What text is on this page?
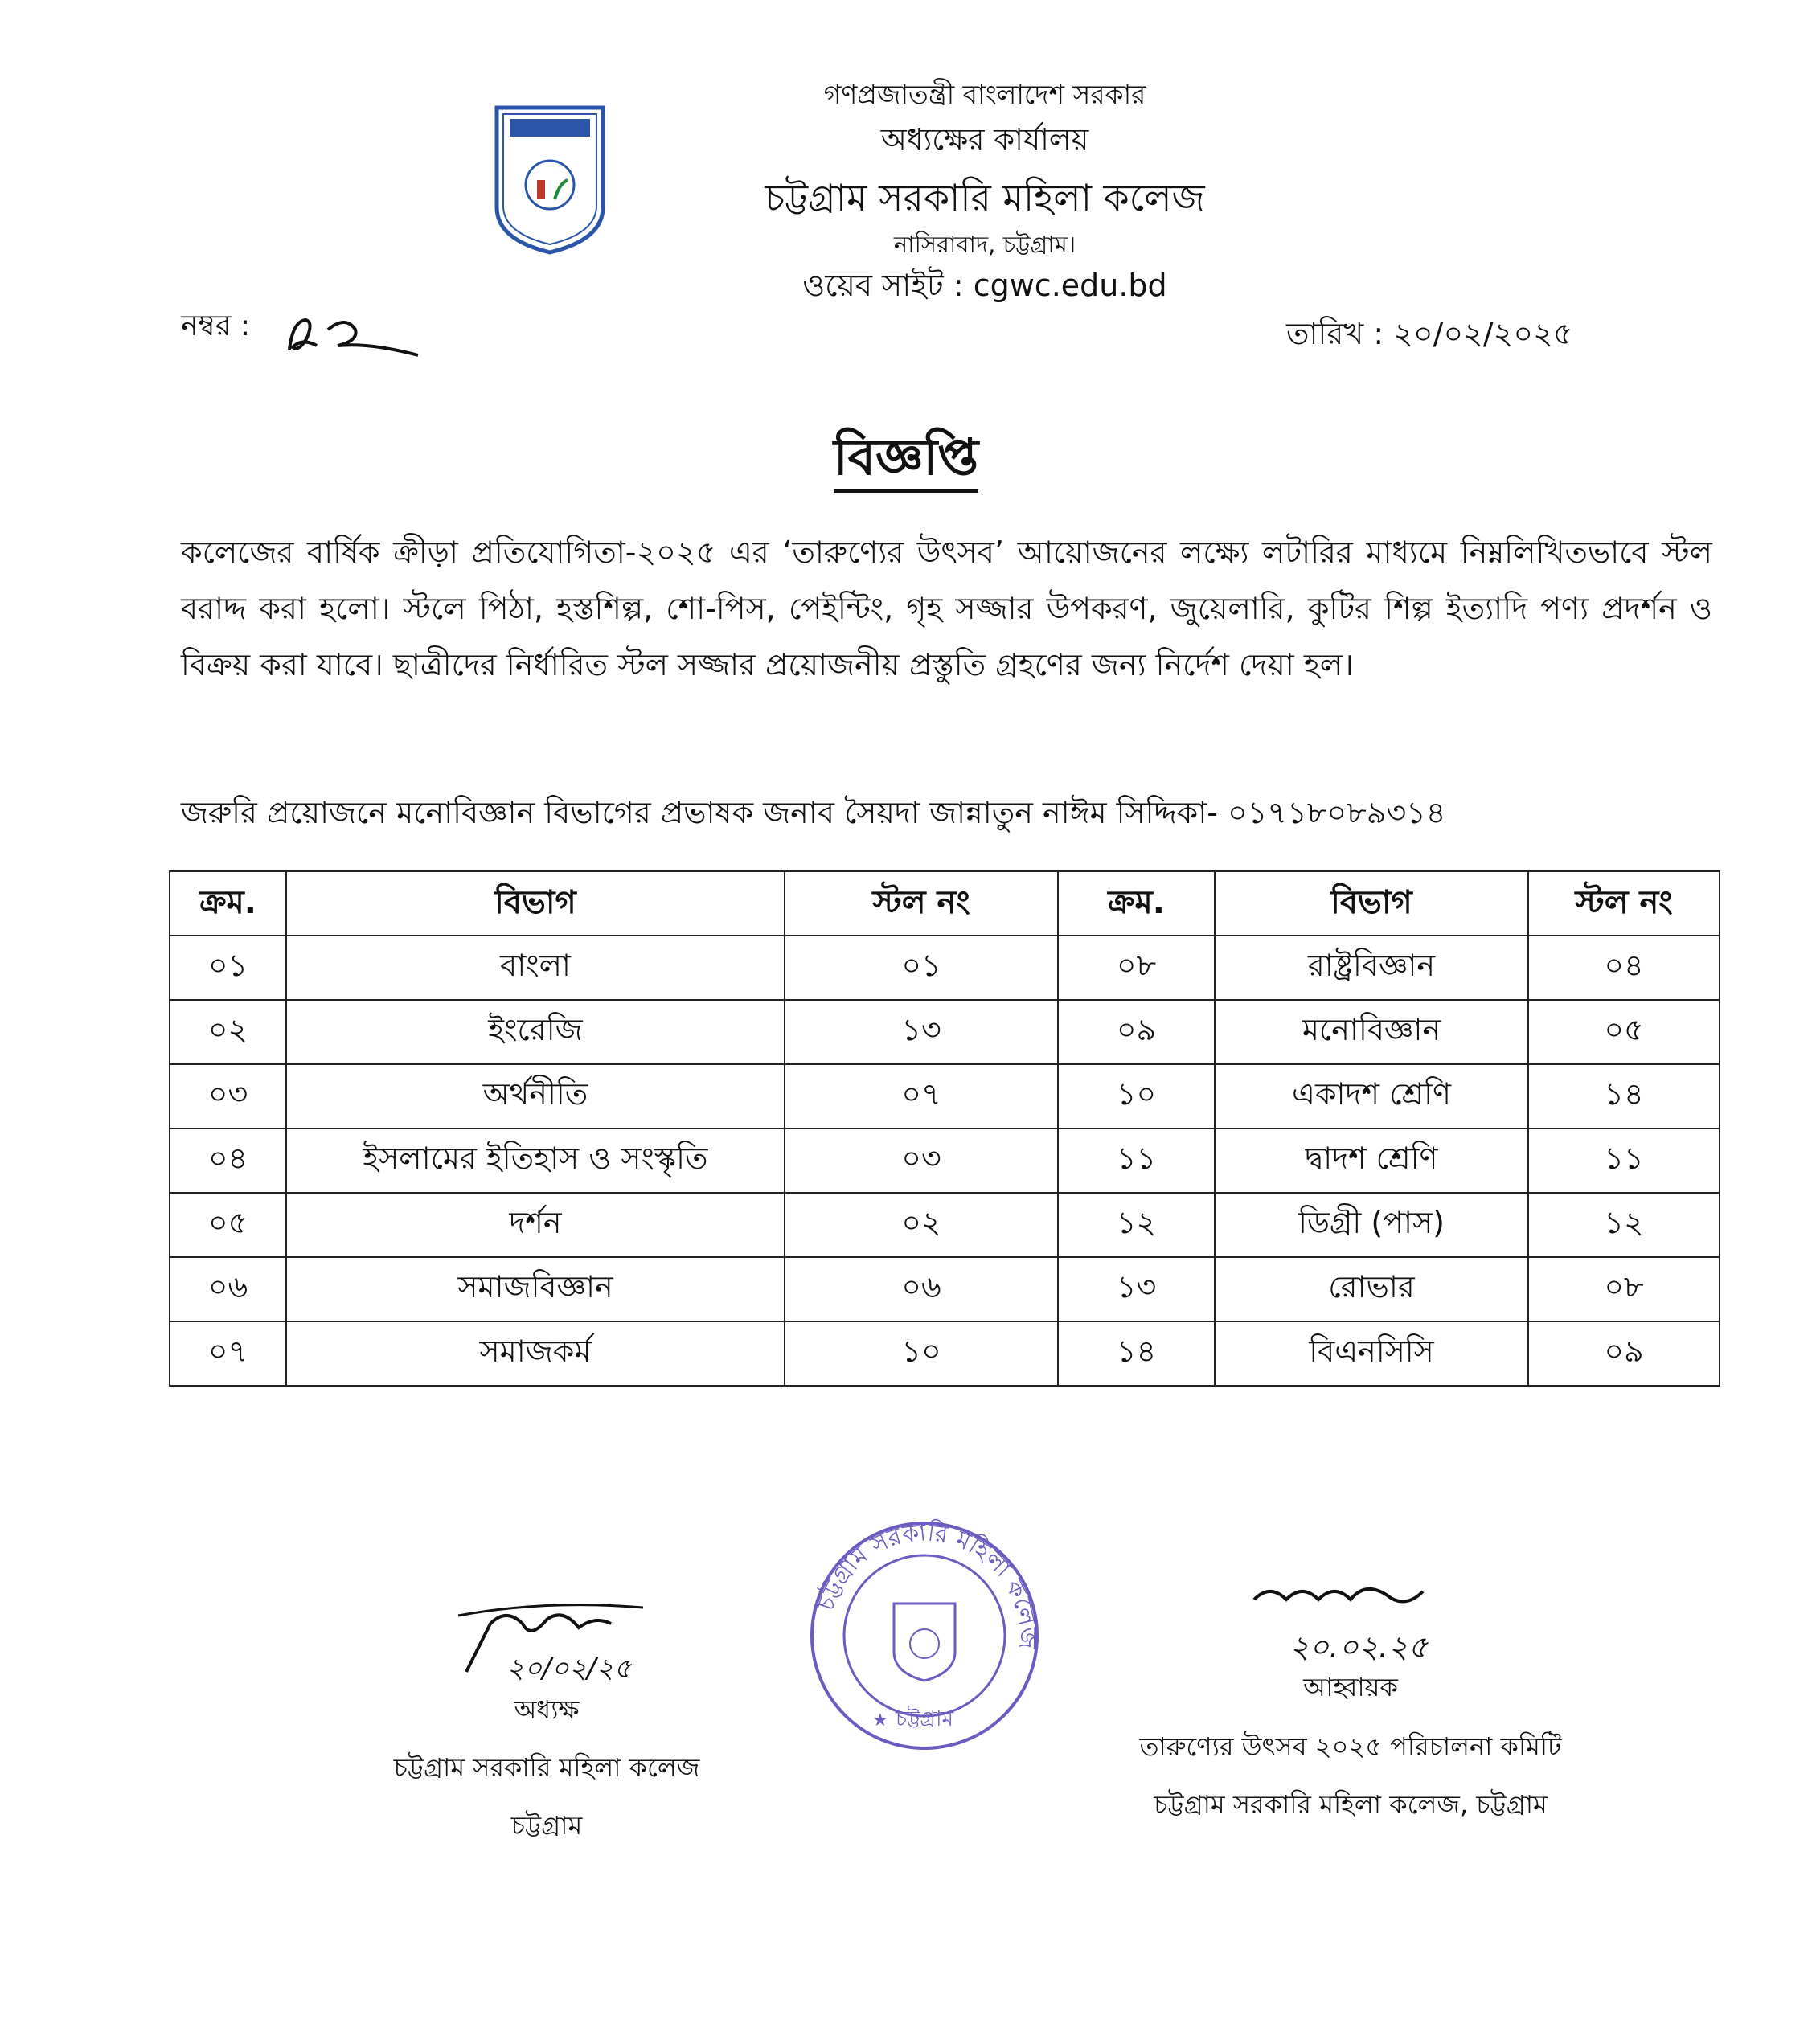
গণপ্রজাতন্ত্রী বাংলাদেশ সরকার
অধ্যক্ষের কার্যালয়
চট্টগ্রাম সরকারি মহিলা কলেজ
নাসিরাবাদ, চট্টগ্রাম।
ওয়েব সাইট : cgwc.edu.bd
নম্বর :	তারিখ : ২০/০২/২০২৫
বিজ্ঞপ্তি
কলেজের বার্ষিক ক্রীড়া প্রতিযোগিতা-২০২৫ এর ‘তারুণ্যের উৎসব’ আয়োজনের লক্ষ্যে লটারির মাধ্যমে নিম্নলিখিতভাবে স্টল বরাদ্দ করা হলো। স্টলে পিঠা, হস্তশিল্প, শো-পিস, পেইন্টিং, গৃহ সজ্জার উপকরণ, জুয়েলারি, কুটির শিল্প ইত্যাদি পণ্য প্রদর্শন ও বিক্রয় করা যাবে। ছাত্রীদের নির্ধারিত স্টল সজ্জার প্রয়োজনীয় প্রস্তুতি গ্রহণের জন্য নির্দেশ দেয়া হল।
জরুরি প্রয়োজনে মনোবিজ্ঞান বিভাগের প্রভাষক জনাব সৈয়দা জান্নাতুন নাঈম সিদ্দিকা- ০১৭১৮০৮৯৩১৪
ক্রম.	বিভাগ	স্টল নং	ক্রম.	বিভাগ	স্টল নং
০১	বাংলা	০১	০৮	রাষ্ট্রবিজ্ঞান	০৪
০২	ইংরেজি	১৩	০৯	মনোবিজ্ঞান	০৫
০৩	অর্থনীতি	০৭	১০	একাদশ শ্রেণি	১৪
০৪	ইসলামের ইতিহাস ও সংস্কৃতি	০৩	১১	দ্বাদশ শ্রেণি	১১
০৫	দর্শন	০২	১২	ডিগ্রী (পাস)	১২
০৬	সমাজবিজ্ঞান	০৬	১৩	রোভার	০৮
০৭	সমাজকর্ম	১০	১৪	বিএনসিসি	০৯
২০/০২/২৫
অধ্যক্ষ
চট্টগ্রাম সরকারি মহিলা কলেজ
চট্টগ্রাম
চট্টগ্রাম সরকারি মহিলা কলেজ
চট্টগ্রাম
★
২০.০২.২৫
আহ্বায়ক
তারুণ্যের উৎসব ২০২৫ পরিচালনা কমিটি
চট্টগ্রাম সরকারি মহিলা কলেজ, চট্টগ্রাম
